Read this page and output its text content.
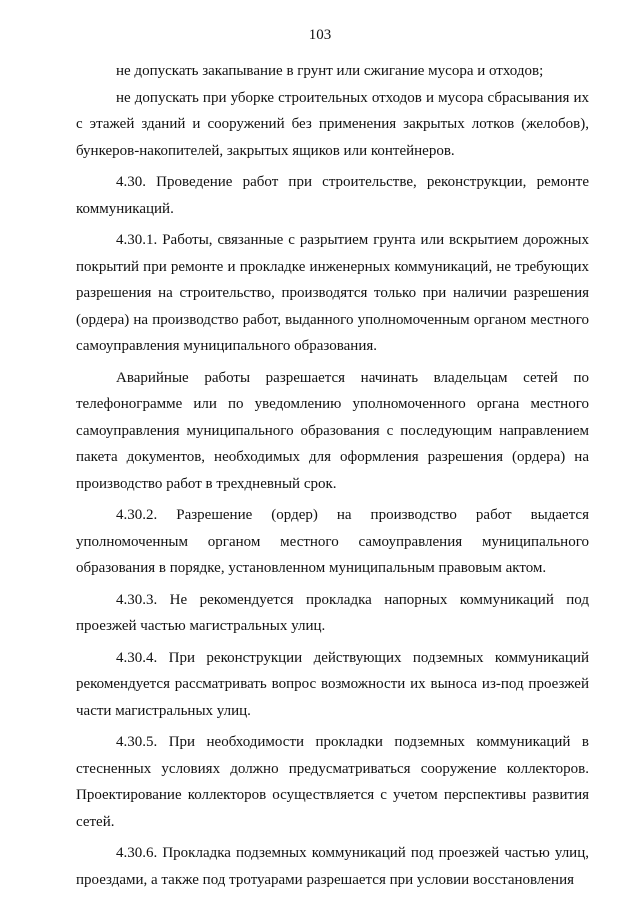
103

не допускать закапывание в грунт или сжигание мусора и отходов;

не допускать при уборке строительных отходов и мусора сбрасывания их с этажей зданий и сооружений без применения закрытых лотков (желобов), бункеров-накопителей, закрытых ящиков или контейнеров.

4.30. Проведение работ при строительстве, реконструкции, ремонте коммуникаций.

4.30.1. Работы, связанные с разрытием грунта или вскрытием дорожных покрытий при ремонте и прокладке инженерных коммуникаций, не требующих разрешения на строительство, производятся только при наличии разрешения (ордера) на производство работ, выданного уполномоченным органом местного самоуправления муниципального образования.

Аварийные работы разрешается начинать владельцам сетей по телефонограмме или по уведомлению уполномоченного органа местного самоуправления муниципального образования с последующим направлением пакета документов, необходимых для оформления разрешения (ордера) на производство работ в трехдневный срок.

4.30.2. Разрешение (ордер) на производство работ выдается уполномоченным органом местного самоуправления муниципального образования в порядке, установленном муниципальным правовым актом.

4.30.3. Не рекомендуется прокладка напорных коммуникаций под проезжей частью магистральных улиц.

4.30.4. При реконструкции действующих подземных коммуникаций рекомендуется рассматривать вопрос возможности их выноса из-под проезжей части магистральных улиц.

4.30.5. При необходимости прокладки подземных коммуникаций в стесненных условиях должно предусматриваться сооружение коллекторов. Проектирование коллекторов осуществляется с учетом перспективы развития сетей.

4.30.6. Прокладка подземных коммуникаций под проезжей частью улиц, проездами, а также под тротуарами разрешается при условии восстановления
